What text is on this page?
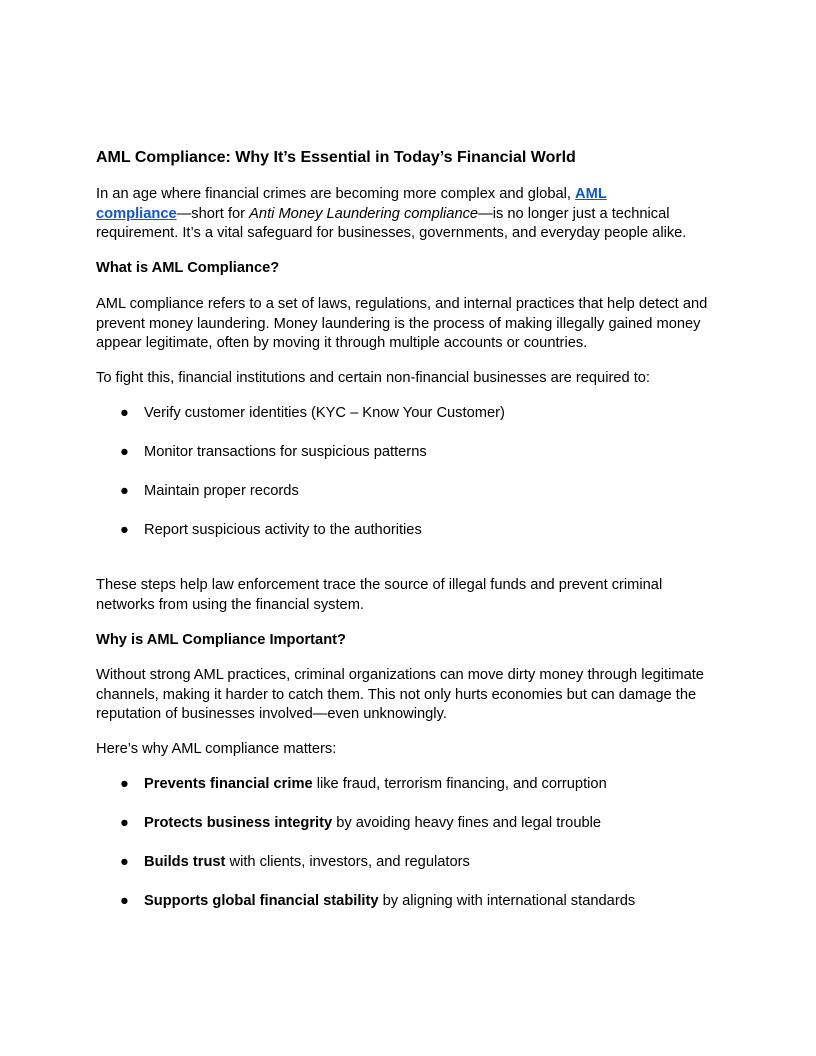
AML Compliance: Why It’s Essential in Today’s Financial World

In an age where financial crimes are becoming more complex and global, AML
compliance—short for Anti Money Laundering compliance—is no longer just a technical
requirement. It’s a vital safeguard for businesses, governments, and everyday people alike.

What is AML Compliance?

AML compliance refers to a set of laws, regulations, and internal practices that help detect and prevent money laundering. Money laundering is the process of making illegally gained money appear legitimate, often by moving it through multiple accounts or countries.

To fight this, financial institutions and certain non-financial businesses are required to:

● Verify customer identities (KYC – Know Your Customer)
● Monitor transactions for suspicious patterns
● Maintain proper records
● Report suspicious activity to the authorities

These steps help law enforcement trace the source of illegal funds and prevent criminal networks from using the financial system.

Why is AML Compliance Important?

Without strong AML practices, criminal organizations can move dirty money through legitimate channels, making it harder to catch them. This not only hurts economies but can damage the reputation of businesses involved—even unknowingly.

Here’s why AML compliance matters:

● Prevents financial crime like fraud, terrorism financing, and corruption
● Protects business integrity by avoiding heavy fines and legal trouble
● Builds trust with clients, investors, and regulators
● Supports global financial stability by aligning with international standards
